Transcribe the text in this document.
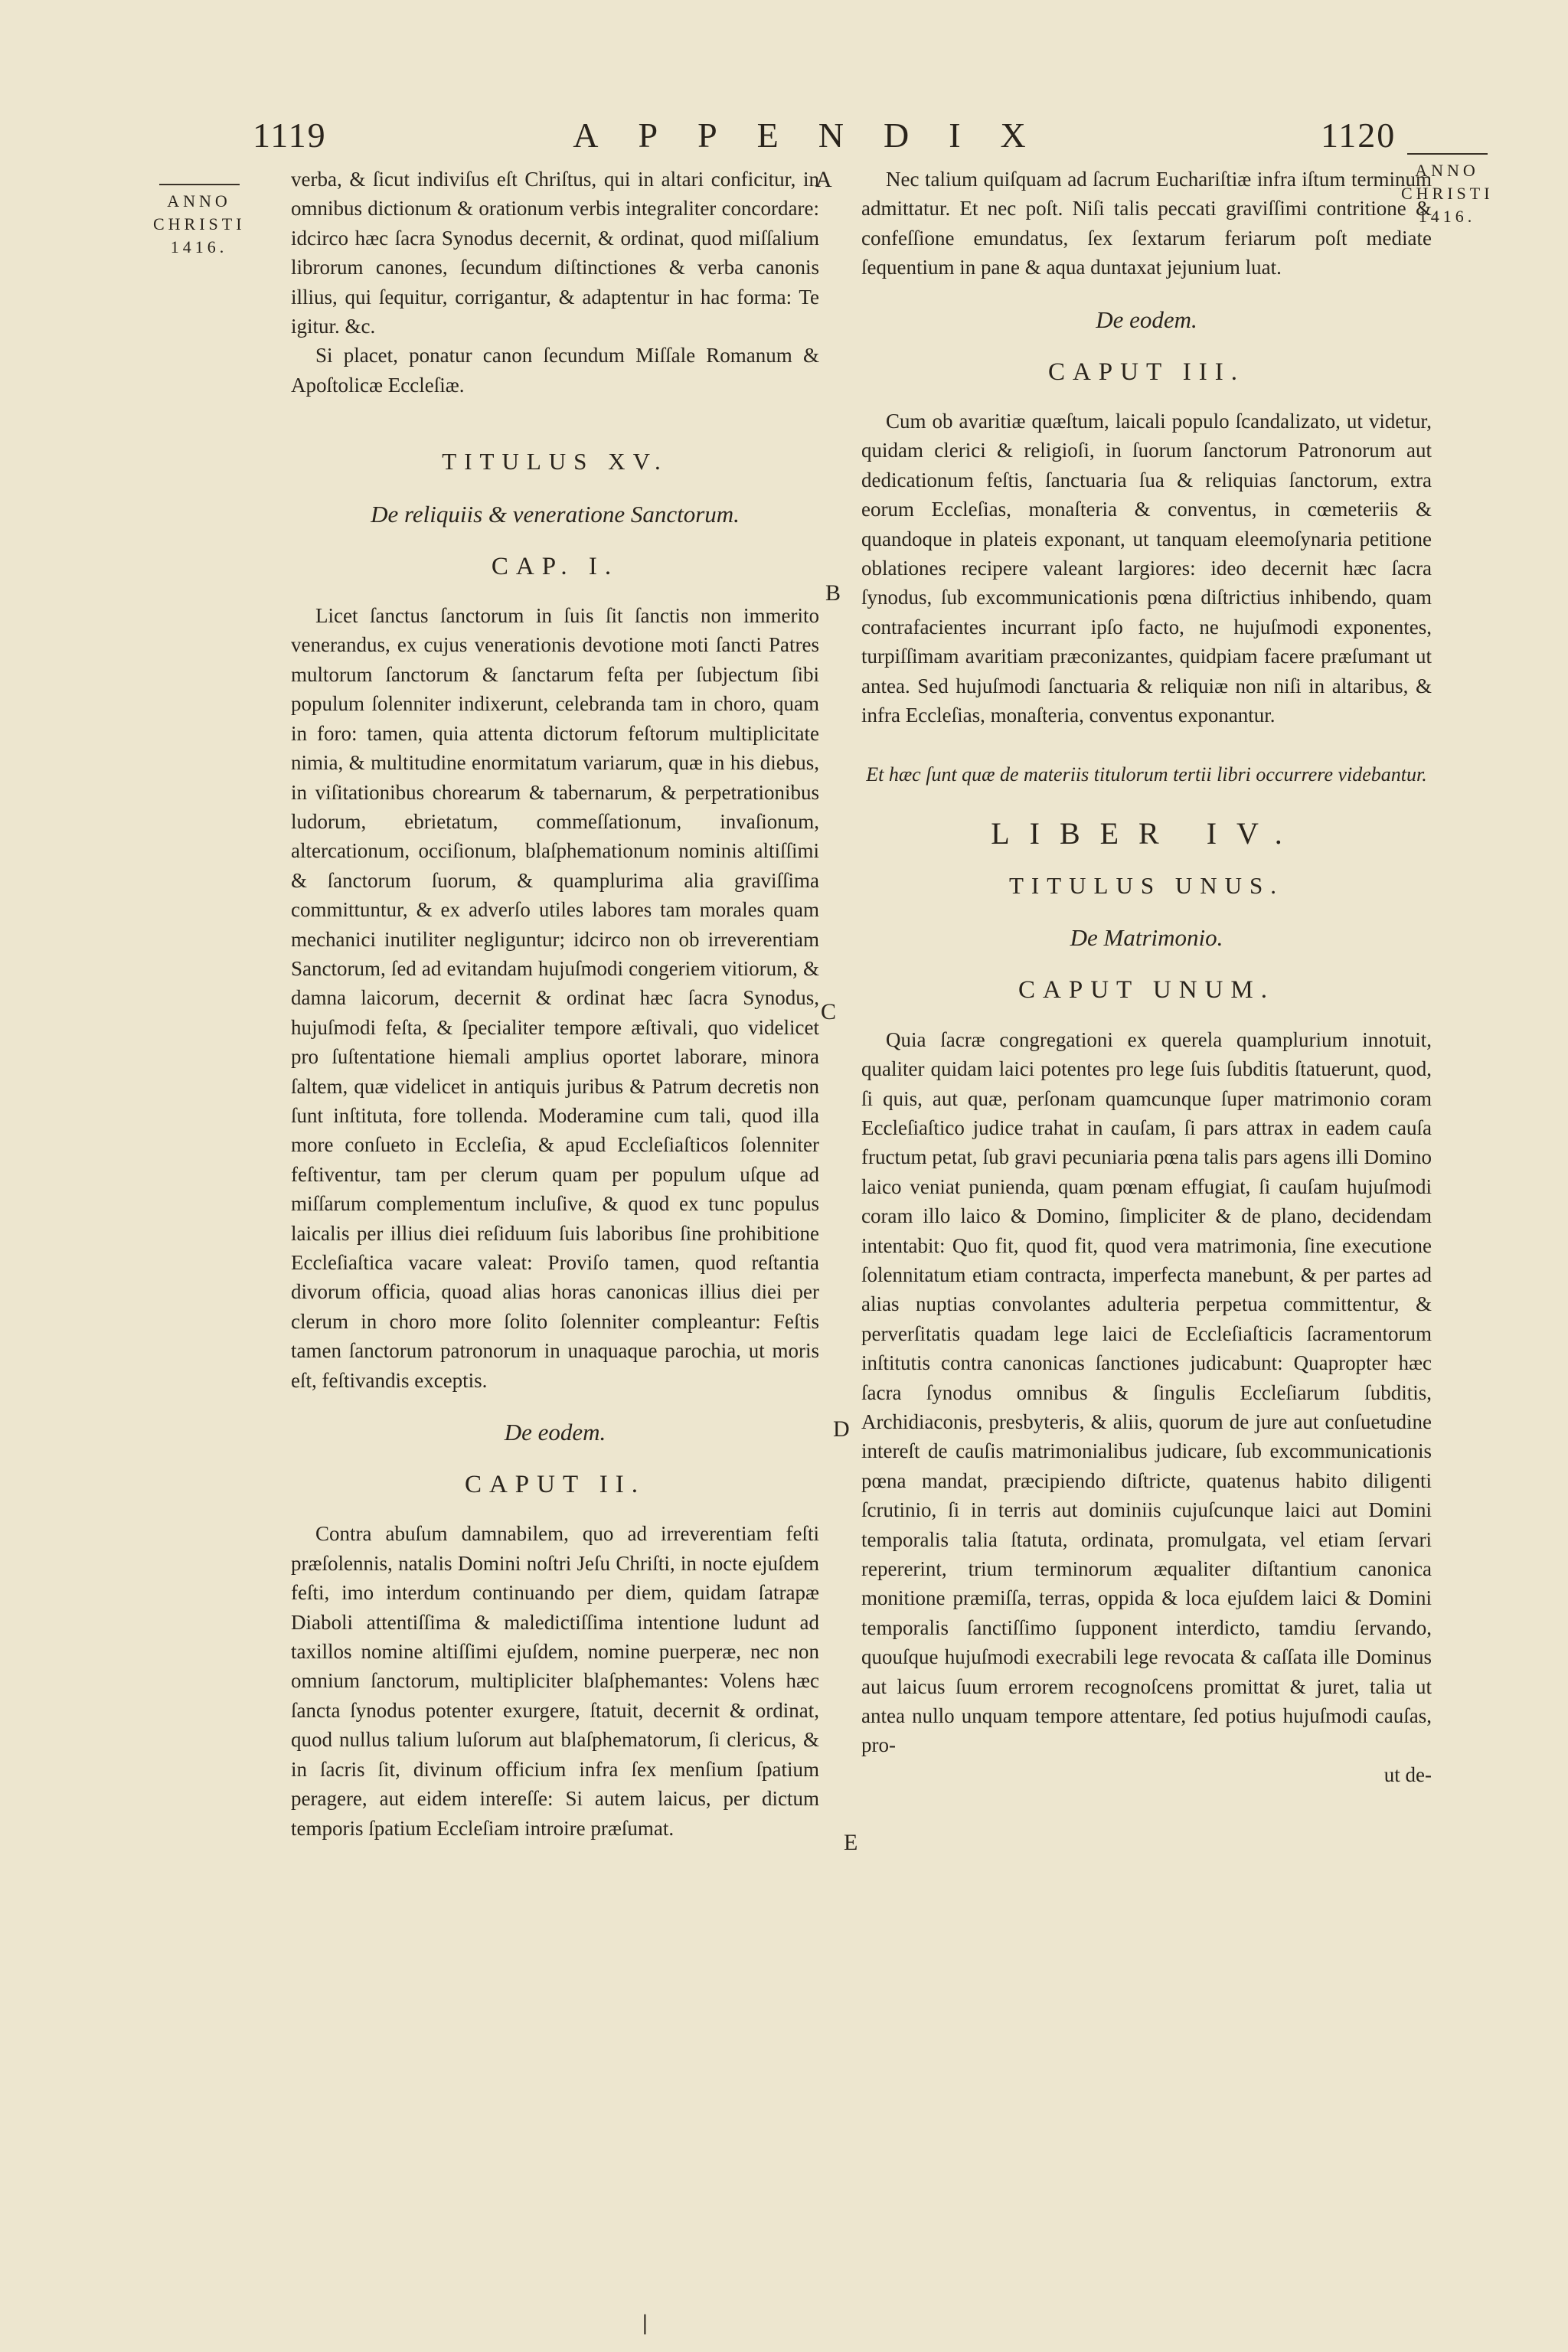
1119	APPENDIX	1120
ANNO
CHRISTI
1416.
ANNO
CHRISTI
1416.
A
B
C
D
E

verba, & ſicut indiviſus eſt Chriſtus, qui in altari conficitur, in omnibus dictionum & orationum verbis integraliter concordare: idcirco hæc ſacra Synodus decernit, & ordinat, quod miſſalium librorum canones, ſecundum diſtinctiones & verba canonis illius, qui ſequitur, corrigantur, & adaptentur in hac forma: Te igitur. &c.

Si placet, ponatur canon ſecundum Miſſale Romanum & Apoſtolicæ Eccleſiæ.

TITULUS XV.
De reliquiis & veneratione Sanctorum.
CAP. I.

Licet ſanctus ſanctorum in ſuis ſit ſanctis non immerito venerandus, ex cujus venerationis devotione moti ſancti Patres multorum ſanctorum & ſanctarum feſta per ſubjectum ſibi populum ſolenniter indixerunt, celebranda tam in choro, quam in foro: tamen, quia attenta dictorum feſtorum multiplicitate nimia, & multitudine enormitatum variarum, quæ in his diebus, in viſitationibus chorearum & tabernarum, & perpetrationibus ludorum, ebrietatum, commeſſationum, invaſionum, altercationum, occiſionum, blaſphemationum nominis altiſſimi & ſanctorum ſuorum, & quamplurima alia graviſſima committuntur, & ex adverſo utiles labores tam morales quam mechanici inutiliter negliguntur; idcirco non ob irreverentiam Sanctorum, ſed ad evitandam hujuſmodi congeriem vitiorum, & damna laicorum, decernit & ordinat hæc ſacra Synodus, hujuſmodi feſta, & ſpecialiter tempore æſtivali, quo videlicet pro ſuſtentatione hiemali amplius oportet laborare, minora ſaltem, quæ videlicet in antiquis juribus & Patrum decretis non ſunt inſtituta, fore tollenda. Moderamine cum tali, quod illa more conſueto in Eccleſia, & apud Eccleſiaſticos ſolenniter feſtiventur, tam per clerum quam per populum uſque ad miſſarum complementum incluſive, & quod ex tunc populus laicalis per illius diei reſiduum ſuis laboribus ſine prohibitione Eccleſiaſtica vacare valeat: Proviſo tamen, quod reſtantia divorum officia, quoad alias horas canonicas illius diei per clerum in choro more ſolito ſolenniter compleantur: Feſtis tamen ſanctorum patronorum in unaquaque parochia, ut moris eſt, feſtivandis exceptis.

De eodem.
CAPUT II.

Contra abuſum damnabilem, quo ad irreverentiam feſti præſolennis, natalis Domini noſtri Jeſu Chriſti, in nocte ejuſdem feſti, imo interdum continuando per diem, quidam ſatrapæ Diaboli attentiſſima & maledictiſſima intentione ludunt ad taxillos nomine altiſſimi ejuſdem, nomine puerperæ, nec non omnium ſanctorum, multipliciter blaſphemantes: Volens hæc ſancta ſynodus potenter exurgere, ſtatuit, decernit & ordinat, quod nullus talium luſorum aut blaſphematorum, ſi clericus, & in ſacris ſit, divinum officium infra ſex menſium ſpatium peragere, aut eidem intereſſe: Si autem laicus, per dictum temporis ſpatium Eccleſiam introire præſumat.

Nec talium quiſquam ad ſacrum Euchariſtiæ infra iſtum terminum admittatur. Et nec poſt. Niſi talis peccati graviſſimi contritione & confeſſione emundatus, ſex ſextarum feriarum poſt mediate ſequentium in pane & aqua duntaxat jejunium luat.

De eodem.
CAPUT III.

Cum ob avaritiæ quæſtum, laicali populo ſcandalizato, ut videtur, quidam clerici & religioſi, in ſuorum ſanctorum Patronorum aut dedicationum feſtis, ſanctuaria ſua & reliquias ſanctorum, extra eorum Eccleſias, monaſteria & conventus, in cœmeteriis & quandoque in plateis exponant, ut tanquam eleemoſynaria petitione oblationes recipere valeant largiores: ideo decernit hæc ſacra ſynodus, ſub excommunicationis pœna diſtrictius inhibendo, quam contrafacientes incurrant ipſo facto, ne hujuſmodi exponentes, turpiſſimam avaritiam præconizantes, quidpiam facere præſumant ut antea. Sed hujuſmodi ſanctuaria & reliquiæ non niſi in altaribus, & infra Eccleſias, monaſteria, conventus exponantur.

Et hæc ſunt quæ de materiis titulorum tertii libri occurrere videbantur.
LIBER IV.
TITULUS UNUS.
De Matrimonio.
CAPUT UNUM.

Quia ſacræ congregationi ex querela quamplurium innotuit, qualiter quidam laici potentes pro lege ſuis ſubditis ſtatuerunt, quod, ſi quis, aut quæ, perſonam quamcunque ſuper matrimonio coram Eccleſiaſtico judice trahat in cauſam, ſi pars attrax in eadem cauſa fructum petat, ſub gravi pecuniaria pœna talis pars agens illi Domino laico veniat punienda, quam pœnam effugiat, ſi cauſam hujuſmodi coram illo laico & Domino, ſimpliciter & de plano, decidendam intentabit: Quo fit, quod fit, quod vera matrimonia, ſine executione ſolennitatum etiam contracta, imperfecta manebunt, & per partes ad alias nuptias convolantes adulteria perpetua committentur, & perverſitatis quadam lege laici de Eccleſiaſticis ſacramentorum inſtitutis contra canonicas ſanctiones judicabunt: Quapropter hæc ſacra ſynodus omnibus & ſingulis Eccleſiarum ſubditis, Archidiaconis, presbyteris, & aliis, quorum de jure aut conſuetudine intereſt de cauſis matrimonialibus judicare, ſub excommunicationis pœna mandat, præcipiendo diſtricte, quatenus habito diligenti ſcrutinio, ſi in terris aut dominiis cujuſcunque laici aut Domini temporalis talia ſtatuta, ordinata, promulgata, vel etiam ſervari repererint, trium terminorum æqualiter diſtantium canonica monitione præmiſſa, terras, oppida & loca ejuſdem laici & Domini temporalis ſanctiſſimo ſupponent interdicto, tamdiu ſervando, quouſque hujuſmodi execrabili lege revocata & caſſata ille Dominus aut laicus ſuum errorem recognoſcens promittat & juret, talia ut antea nullo unquam tempore attentare, ſed potius hujuſmodi cauſas, pro-

ut de-
|
